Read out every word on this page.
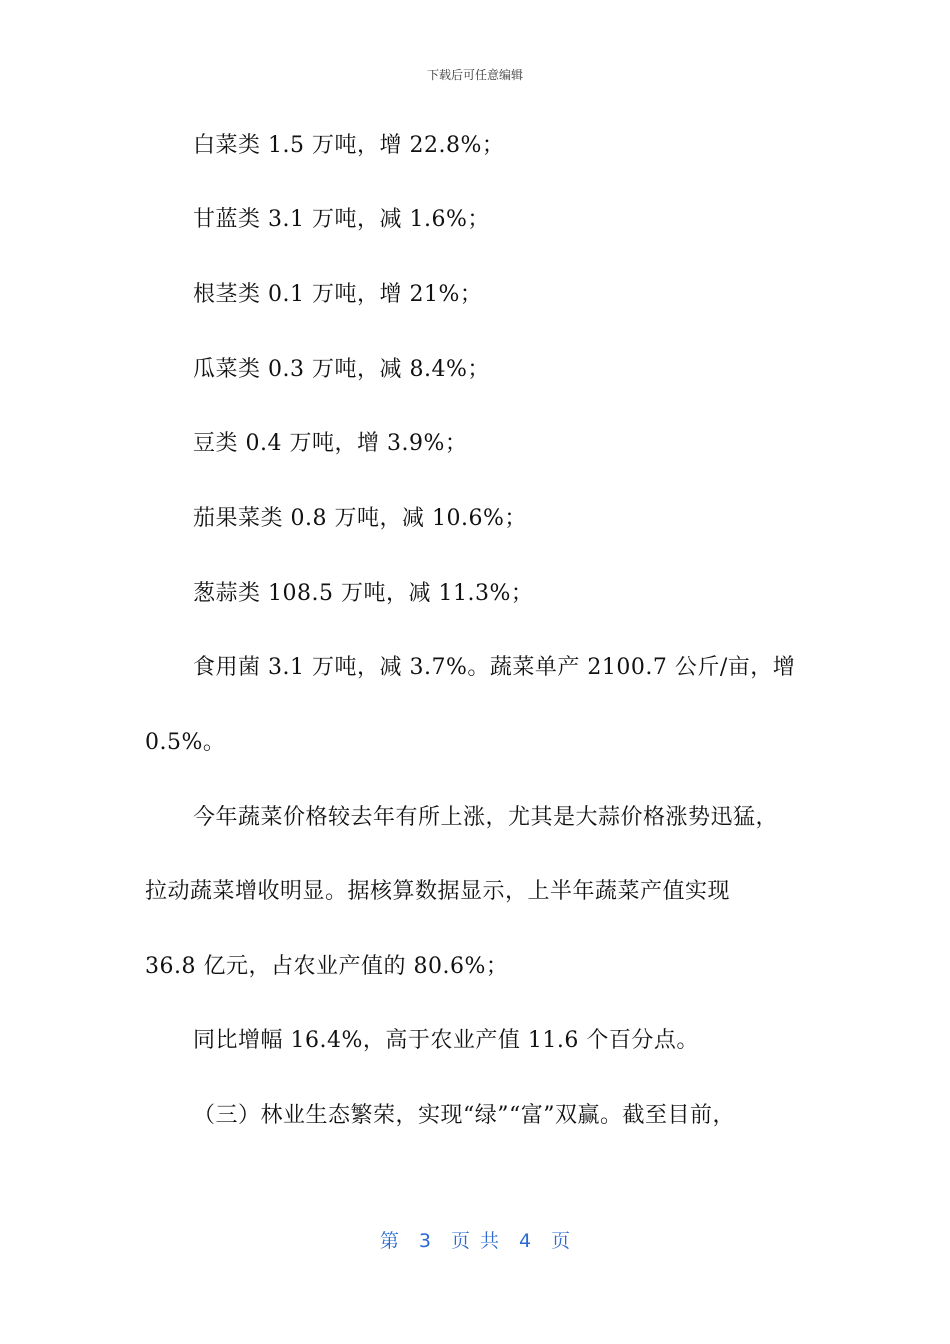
下载后可任意编辑
白菜类 1.5 万吨，增 22.8%；
甘蓝类 3.1 万吨，减 1.6%；
根茎类 0.1 万吨，增 21%；
瓜菜类 0.3 万吨，减 8.4%；
豆类 0.4 万吨，增 3.9%；
茄果菜类 0.8 万吨，减 10.6%；
葱蒜类 108.5 万吨，减 11.3%；
食用菌 3.1 万吨，减 3.7%。蔬菜单产 2100.7 公斤/亩，增
0.5%。
今年蔬菜价格较去年有所上涨，尤其是大蒜价格涨势迅猛，
拉动蔬菜增收明显。据核算数据显示，上半年蔬菜产值实现
36.8 亿元，占农业产值的 80.6%；
同比增幅 16.4%，高于农业产值 11.6 个百分点。
（三）林业生态繁荣，实现“绿”“富”双赢。截至目前，
第 3 页 共 4 页
